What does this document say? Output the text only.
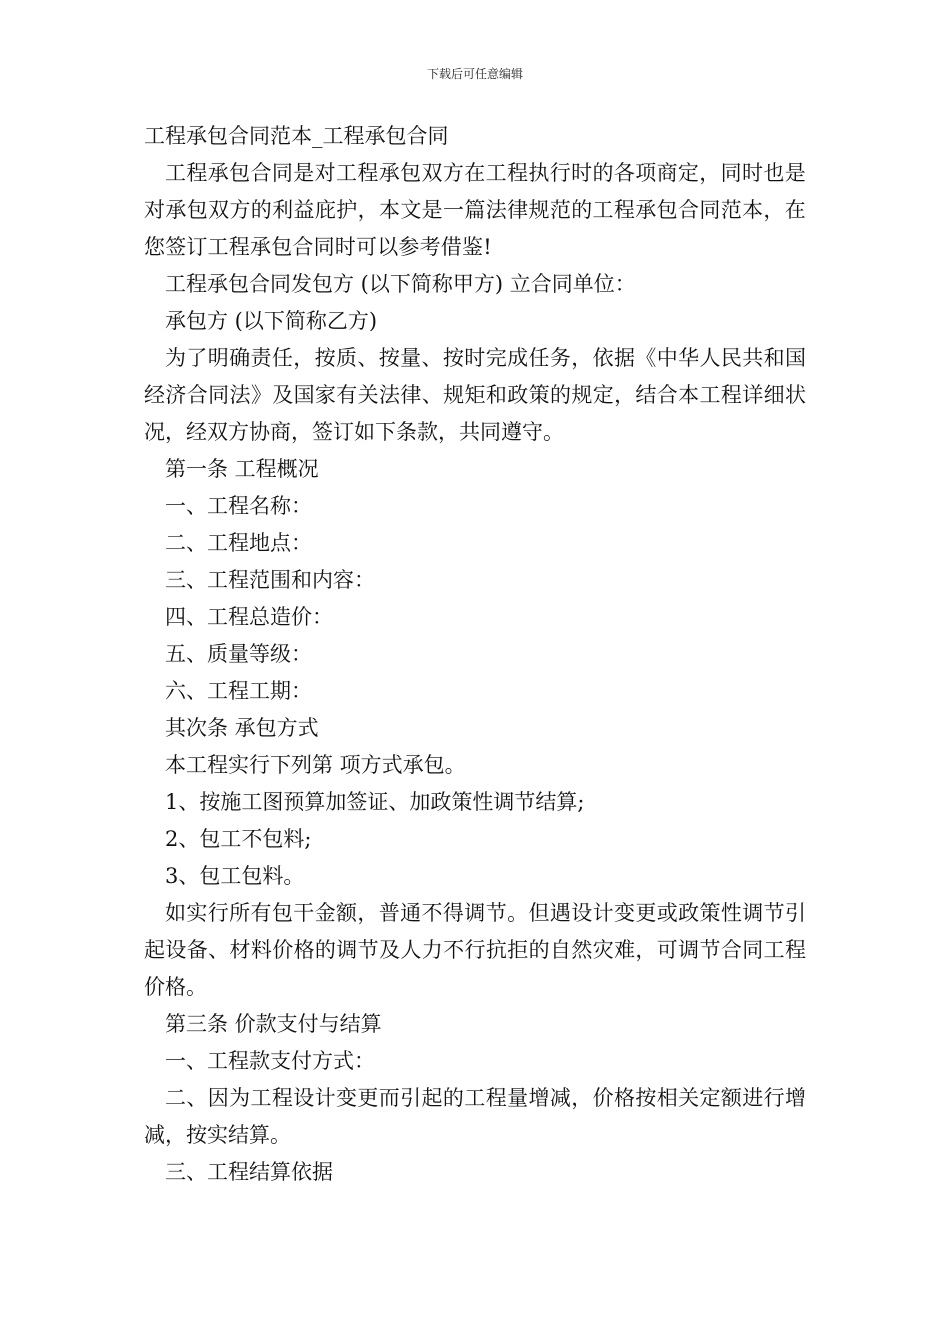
下载后可任意编辑

工程承包合同范本_工程承包合同

工程承包合同是对工程承包双方在工程执行时的各项商定，同时也是对承包双方的利益庇护，本文是一篇法律规范的工程承包合同范本，在您签订工程承包合同时可以参考借鉴!

工程承包合同发包方 (以下简称甲方) 立合同单位：

承包方 (以下简称乙方)

为了明确责任，按质、按量、按时完成任务，依据《中华人民共和国经济合同法》及国家有关法律、规矩和政策的规定，结合本工程详细状况，经双方协商，签订如下条款，共同遵守。

第一条 工程概况

一、工程名称：

二、工程地点：

三、工程范围和内容：

四、工程总造价：

五、质量等级：

六、工程工期：

其次条 承包方式

本工程实行下列第 项方式承包。

1、按施工图预算加签证、加政策性调节结算;

2、包工不包料;

3、包工包料。

如实行所有包干金额，普通不得调节。但遇设计变更或政策性调节引起设备、材料价格的调节及人力不行抗拒的自然灾难，可调节合同工程价格。

第三条 价款支付与结算

一、工程款支付方式：

二、因为工程设计变更而引起的工程量增减，价格按相关定额进行增减，按实结算。

三、工程结算依据
